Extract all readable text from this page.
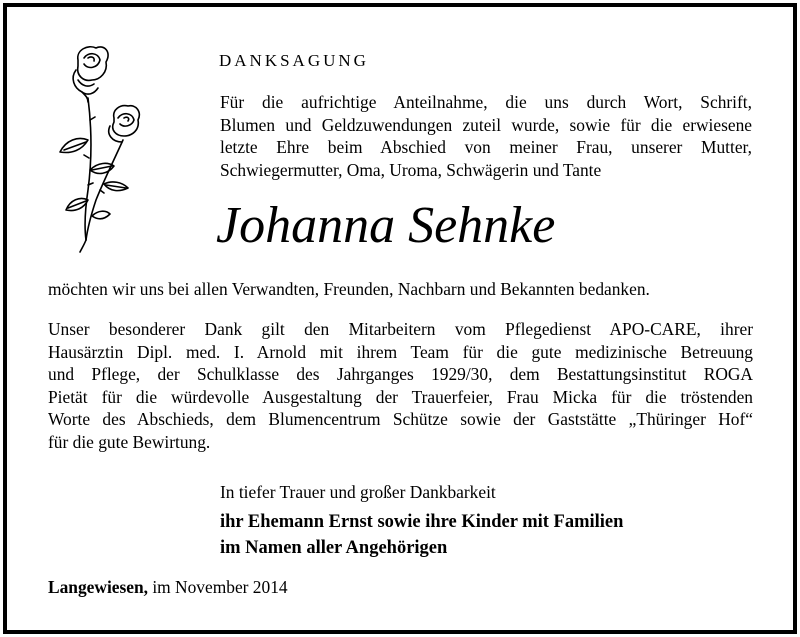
DANKSAGUNG
Für die aufrichtige Anteilnahme, die uns durch Wort, Schrift,
Blumen und Geldzuwendungen zuteil wurde, sowie für die erwiesene
letzte Ehre beim Abschied von meiner Frau, unserer Mutter,
Schwiegermutter, Oma, Uroma, Schwägerin und Tante
Johanna Sehnke
möchten wir uns bei allen Verwandten, Freunden, Nachbarn und Bekannten bedanken.
Unser besonderer Dank gilt den Mitarbeitern vom Pflegedienst APO-CARE, ihrer
Hausärztin Dipl. med. I. Arnold mit ihrem Team für die gute medizinische Betreuung
und Pflege, der Schulklasse des Jahrganges 1929/30, dem Bestattungsinstitut ROGA
Pietät für die würdevolle Ausgestaltung der Trauerfeier, Frau Micka für die tröstenden
Worte des Abschieds, dem Blumencentrum Schütze sowie der Gaststätte „Thüringer Hof“
für die gute Bewirtung.
In tiefer Trauer und großer Dankbarkeit
ihr Ehemann Ernst sowie ihre Kinder mit Familien
im Namen aller Angehörigen
Langewiesen, im November 2014
